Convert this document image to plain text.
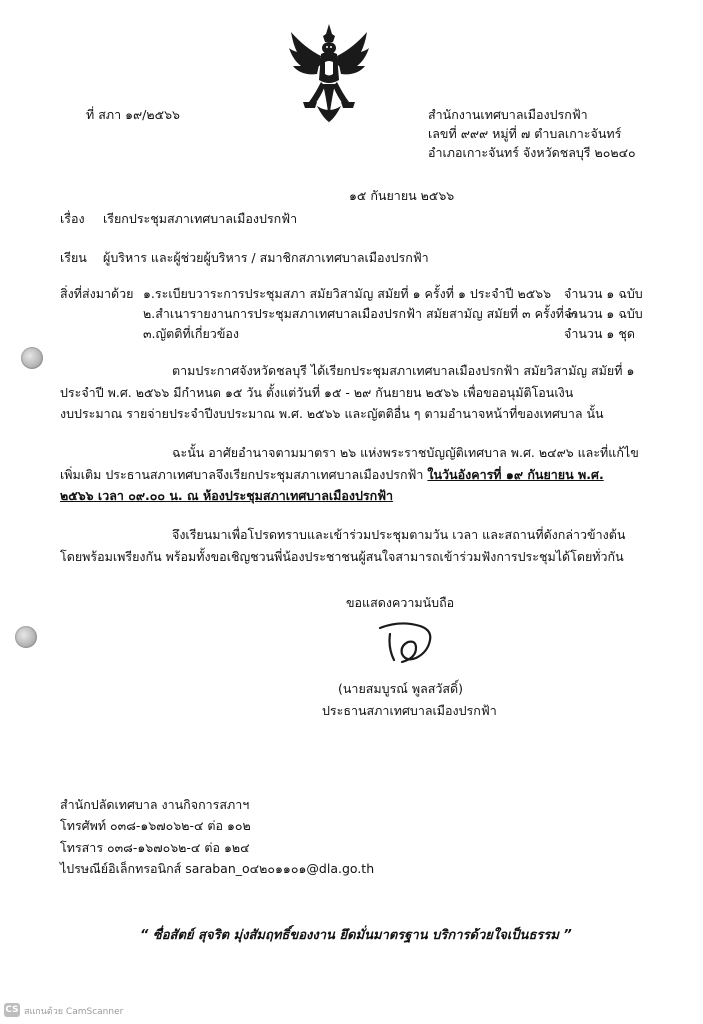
ที่ สภา ๑๙/๒๕๖๖	สำนักงานเทศบาลเมืองปรกฟ้า
เลขที่ ๙๙๙ หมู่ที่ ๗ ตำบลเกาะจันทร์
อำเภอเกาะจันทร์ จังหวัดชลบุรี ๒๐๒๔๐
๑๕ กันยายน ๒๕๖๖
เรื่อง เรียกประชุมสภาเทศบาลเมืองปรกฟ้า
เรียน ผู้บริหาร และผู้ช่วยผู้บริหาร / สมาชิกสภาเทศบาลเมืองปรกฟ้า
สิ่งที่ส่งมาด้วย ๑.ระเบียบวาระการประชุมสภา สมัยวิสามัญ สมัยที่ ๑ ครั้งที่ ๑ ประจำปี ๒๕๖๖ จำนวน ๑ ฉบับ
๒.สำเนารายงานการประชุมสภาเทศบาลเมืองปรกฟ้า สมัยสามัญ สมัยที่ ๓ ครั้งที่ ๓
จำนวน ๑ ฉบับ
๓.ญัตติที่เกี่ยวข้อง	จำนวน ๑ ชุด
ตามประกาศจังหวัดชลบุรี ได้เรียกประชุมสภาเทศบาลเมืองปรกฟ้า สมัยวิสามัญ สมัยที่ ๑
ประจำปี พ.ศ. ๒๕๖๖ มีกำหนด ๑๕ วัน ตั้งแต่วันที่ ๑๕ - ๒๙ กันยายน ๒๕๖๖ เพื่อขออนุมัติโอนเงิน
งบประมาณ รายจ่ายประจำปีงบประมาณ พ.ศ. ๒๕๖๖ และญัตติอื่น ๆ ตามอำนาจหน้าที่ของเทศบาล นั้น
ฉะนั้น อาศัยอำนาจตามมาตรา ๒๖ แห่งพระราชบัญญัติเทศบาล พ.ศ. ๒๔๙๖ และที่แก้ไข
เพิ่มเติม ประธานสภาเทศบาลจึงเรียกประชุมสภาเทศบาลเมืองปรกฟ้า ในวันอังคารที่ ๑๙ กันยายน พ.ศ.
๒๕๖๖ เวลา ๐๙.๐๐ น. ณ ห้องประชุมสภาเทศบาลเมืองปรกฟ้า
จึงเรียนมาเพื่อโปรดทราบและเข้าร่วมประชุมตามวัน เวลา และสถานที่ดังกล่าวข้างต้น
โดยพร้อมเพรียงกัน พร้อมทั้งขอเชิญชวนพี่น้องประชาชนผู้สนใจสามารถเข้าร่วมฟังการประชุมได้โดยทั่วกัน
ขอแสดงความนับถือ
(นายสมบูรณ์ พูลสวัสดิ์)
ประธานสภาเทศบาลเมืองปรกฟ้า
สำนักปลัดเทศบาล งานกิจการสภาฯ
โทรศัพท์ ๐๓๘-๑๖๗๐๖๒-๔ ต่อ ๑๐๒
โทรสาร ๐๓๘-๑๖๗๐๖๒-๔ ต่อ ๑๒๔
ไปรษณีย์อิเล็กทรอนิกส์ saraban_o๔๒๐๑๑๐๑@dla.go.th
“ ซื่อสัตย์ สุจริต มุ่งสัมฤทธิ์ของงาน ยึดมั่นมาตรฐาน บริการด้วยใจเป็นธรรม ”
CS สแกนด้วย CamScanner
